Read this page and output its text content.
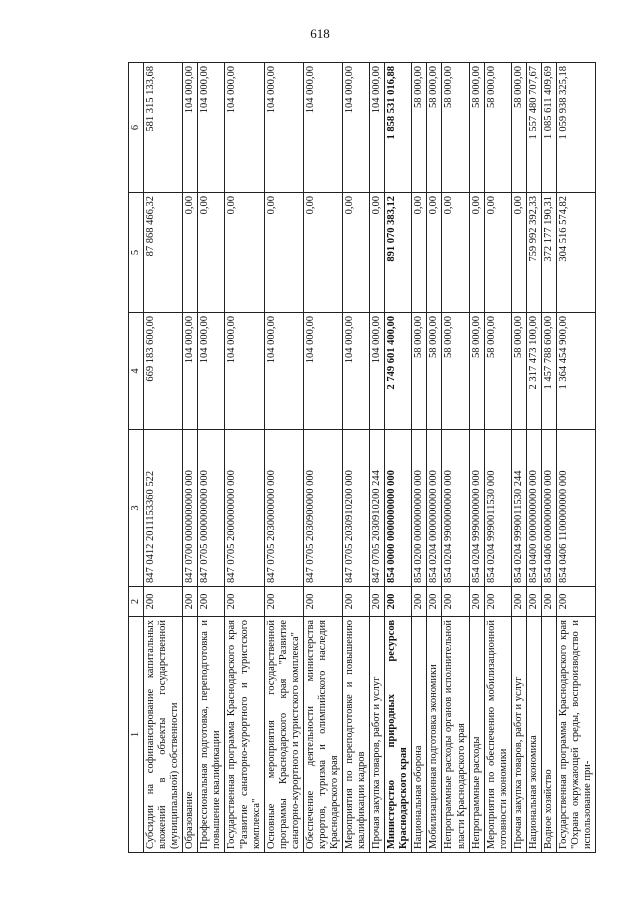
618
1	2	3	4	5	6
Субсидии на софинансирование капитальных вложений в объекты государственной (муниципальной) собственности	200	847 0412 2011153360 522	669 183 600,00	87 868 466,32	581 315 133,68
Образование	200	847 0700 0000000000 000	104 000,00	0,00	104 000,00
Профессиональная подготовка, переподготовка и повышение квалификации	200	847 0705 0000000000 000	104 000,00	0,00	104 000,00
Государственная программа Краснодарского края "Развитие санаторно-курортного и туристского комплекса"	200	847 0705 2000000000 000	104 000,00	0,00	104 000,00
Основные мероприятия государственной программы Краснодарского края "Развитие санаторно-курортного и туристского комплекса"	200	847 0705 2030000000 000	104 000,00	0,00	104 000,00
Обеспечение деятельности министерства курортов, туризма и олимпийского наследия Краснодарского края	200	847 0705 2030900000 000	104 000,00	0,00	104 000,00
Мероприятия по переподготовке и повышению квалификации кадров	200	847 0705 2030910200 000	104 000,00	0,00	104 000,00
Прочая закупка товаров, работ и услуг	200	847 0705 2030910200 244	104 000,00	0,00	104 000,00
Министерство природных ресурсов Краснодарского края	200	854 0000 0000000000 000	2 749 601 400,00	891 070 383,12	1 858 531 016,88
Национальная оборона	200	854 0200 0000000000 000	58 000,00	0,00	58 000,00
Мобилизационная подготовка экономики	200	854 0204 0000000000 000	58 000,00	0,00	58 000,00
Непрограммные расходы органов исполнительной власти Краснодарского края	200	854 0204 9900000000 000	58 000,00	0,00	58 000,00
Непрограммные расходы	200	854 0204 9990000000 000	58 000,00	0,00	58 000,00
Мероприятия по обеспечению мобилизационной готовности экономики	200	854 0204 9990011530 000	58 000,00	0,00	58 000,00
Прочая закупка товаров, работ и услуг	200	854 0204 9990011530 244	58 000,00	0,00	58 000,00
Национальная экономика	200	854 0400 0000000000 000	2 317 473 100,00	759 992 392,33	1 557 480 707,67
Водное хозяйство	200	854 0406 0000000000 000	1 457 788 600,00	372 177 190,31	1 085 611 409,69
Государственная программа Краснодарского края "Охрана окружающей среды, воспроизводство и использование при-	200	854 0406 1100000000 000	1 364 454 900,00	304 516 574,82	1 059 938 325,18
